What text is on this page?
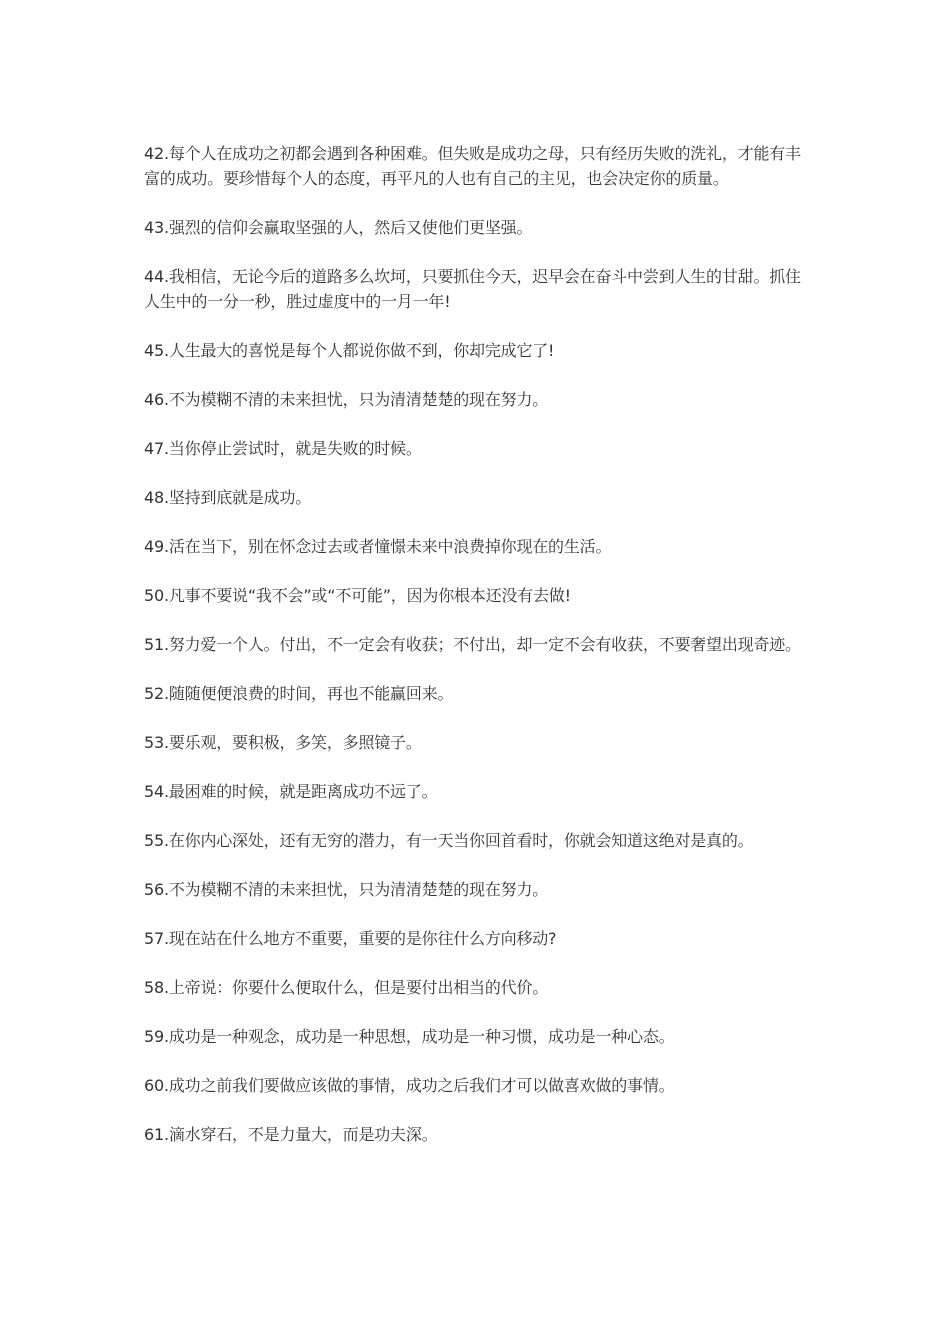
42.每个人在成功之初都会遇到各种困难。但失败是成功之母，只有经历失败的洗礼，才能有丰富的成功。要珍惜每个人的态度，再平凡的人也有自己的主见，也会决定你的质量。

43.强烈的信仰会赢取坚强的人，然后又使他们更坚强。

44.我相信，无论今后的道路多么坎坷，只要抓住今天，迟早会在奋斗中尝到人生的甘甜。抓住人生中的一分一秒，胜过虚度中的一月一年!

45.人生最大的喜悦是每个人都说你做不到，你却完成它了!

46.不为模糊不清的未来担忧，只为清清楚楚的现在努力。

47.当你停止尝试时，就是失败的时候。

48.坚持到底就是成功。

49.活在当下，别在怀念过去或者憧憬未来中浪费掉你现在的生活。

50.凡事不要说“我不会”或“不可能”，因为你根本还没有去做!

51.努力爱一个人。付出，不一定会有收获；不付出，却一定不会有收获，不要奢望出现奇迹。

52.随随便便浪费的时间，再也不能赢回来。

53.要乐观，要积极，多笑，多照镜子。

54.最困难的时候，就是距离成功不远了。

55.在你内心深处，还有无穷的潜力，有一天当你回首看时，你就会知道这绝对是真的。

56.不为模糊不清的未来担忧，只为清清楚楚的现在努力。

57.现在站在什么地方不重要，重要的是你往什么方向移动?

58.上帝说：你要什么便取什么，但是要付出相当的代价。

59.成功是一种观念，成功是一种思想，成功是一种习惯，成功是一种心态。

60.成功之前我们要做应该做的事情，成功之后我们才可以做喜欢做的事情。

61.滴水穿石，不是力量大，而是功夫深。
